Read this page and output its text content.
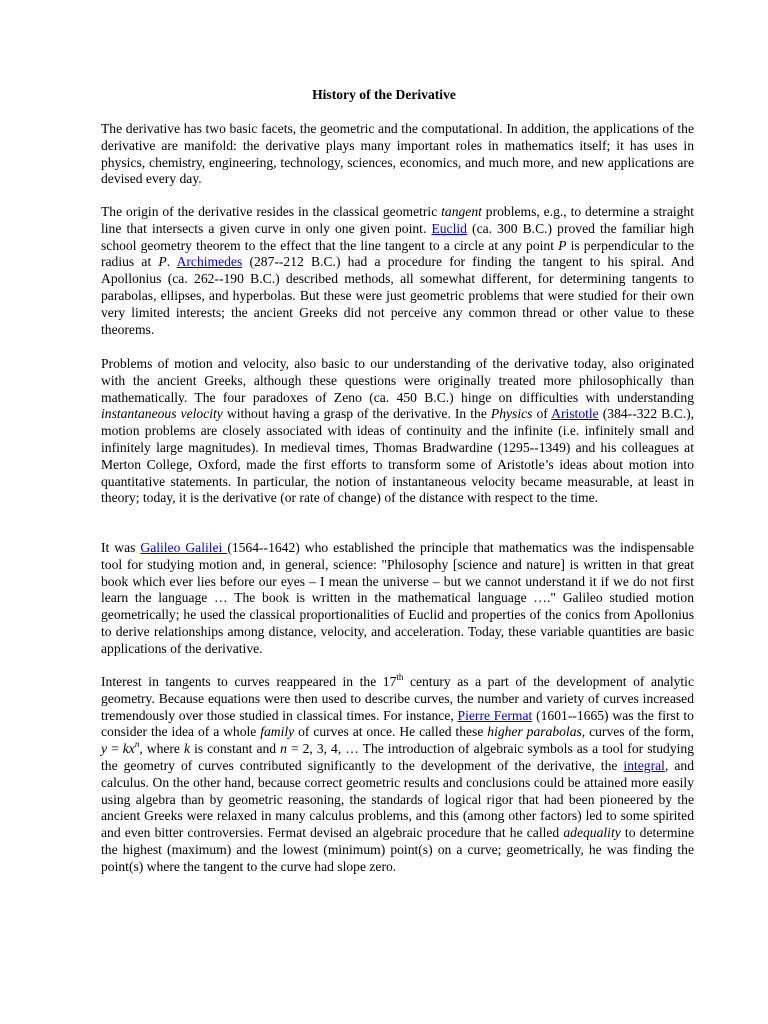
History of the Derivative

The derivative has two basic facets, the geometric and the computational. In addition, the applications of the derivative are manifold: the derivative plays many important roles in mathematics itself; it has uses in physics, chemistry, engineering, technology, sciences, economics, and much more, and new applications are devised every day.

The origin of the derivative resides in the classical geometric tangent problems, e.g., to determine a straight line that intersects a given curve in only one given point. Euclid (ca. 300 B.C.) proved the familiar high school geometry theorem to the effect that the line tangent to a circle at any point P is perpendicular to the radius at P. Archimedes (287--212 B.C.) had a procedure for finding the tangent to his spiral. And Apollonius (ca. 262--190 B.C.) described methods, all somewhat different, for determining tangents to parabolas, ellipses, and hyperbolas. But these were just geometric problems that were studied for their own very limited interests; the ancient Greeks did not perceive any common thread or other value to these theorems.

Problems of motion and velocity, also basic to our understanding of the derivative today, also originated with the ancient Greeks, although these questions were originally treated more philosophically than mathematically. The four paradoxes of Zeno (ca. 450 B.C.) hinge on difficulties with understanding instantaneous velocity without having a grasp of the derivative. In the Physics of Aristotle (384--322 B.C.), motion problems are closely associated with ideas of continuity and the infinite (i.e. infinitely small and infinitely large magnitudes). In medieval times, Thomas Bradwardine (1295--1349) and his colleagues at Merton College, Oxford, made the first efforts to transform some of Aristotle’s ideas about motion into quantitative statements. In particular, the notion of instantaneous velocity became measurable, at least in theory; today, it is the derivative (or rate of change) of the distance with respect to the time.

It was Galileo Galilei (1564--1642) who established the principle that mathematics was the indispensable tool for studying motion and, in general, science: "Philosophy [science and nature] is written in that great book which ever lies before our eyes – I mean the universe – but we cannot understand it if we do not first learn the language … The book is written in the mathematical language …." Galileo studied motion geometrically; he used the classical proportionalities of Euclid and properties of the conics from Apollonius to derive relationships among distance, velocity, and acceleration. Today, these variable quantities are basic applications of the derivative.

Interest in tangents to curves reappeared in the 17th century as a part of the development of analytic geometry. Because equations were then used to describe curves, the number and variety of curves increased tremendously over those studied in classical times. For instance, Pierre Fermat (1601--1665) was the first to consider the idea of a whole family of curves at once. He called these higher parabolas, curves of the form, $y = kx^n$, where k is constant and n = 2, 3, 4, … The introduction of algebraic symbols as a tool for studying the geometry of curves contributed significantly to the development of the derivative, the integral, and calculus. On the other hand, because correct geometric results and conclusions could be attained more easily using algebra than by geometric reasoning, the standards of logical rigor that had been pioneered by the ancient Greeks were relaxed in many calculus problems, and this (among other factors) led to some spirited and even bitter controversies. Fermat devised an algebraic procedure that he called adequality to determine the highest (maximum) and the lowest (minimum) point(s) on a curve; geometrically, he was finding the point(s) where the tangent to the curve had slope zero.
